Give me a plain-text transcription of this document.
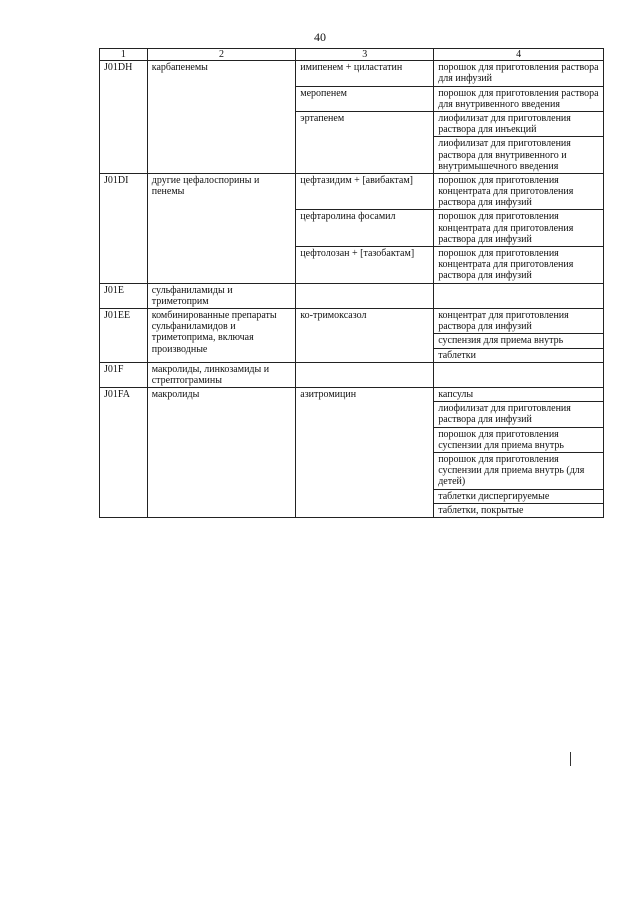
40
1	2	3	4
J01DH	карбапенемы	имипенем + циластатин	порошок для приготовления раствора для инфузий
		меропенем	порошок для приготовления раствора для внутривенного введения
		эртапенем	лиофилизат для приготовления раствора для инъекций
			лиофилизат для приготовления раствора для внутривенного и внутримышечного введения
J01DI	другие цефалоспорины и пенемы	цефтазидим + [авибактам]	порошок для приготовления концентрата для приготовления раствора для инфузий
		цефтаролина фосамил	порошок для приготовления концентрата для приготовления раствора для инфузий
		цефтолозан + [тазобактам]	порошок для приготовления концентрата для приготовления раствора для инфузий
J01E	сульфаниламиды и триметоприм		
J01EE	комбинированные препараты сульфаниламидов и триметоприма, включая производные	ко-тримоксазол	концентрат для приготовления раствора для инфузий
			суспензия для приема внутрь
			таблетки
J01F	макролиды, линкозамиды и стрептограмины		
J01FA	макролиды	азитромицин	капсулы
			лиофилизат для приготовления раствора для инфузий
			порошок для приготовления суспензии для приема внутрь
			порошок для приготовления суспензии для приема внутрь (для детей)
			таблетки диспергируемые
			таблетки, покрытые
